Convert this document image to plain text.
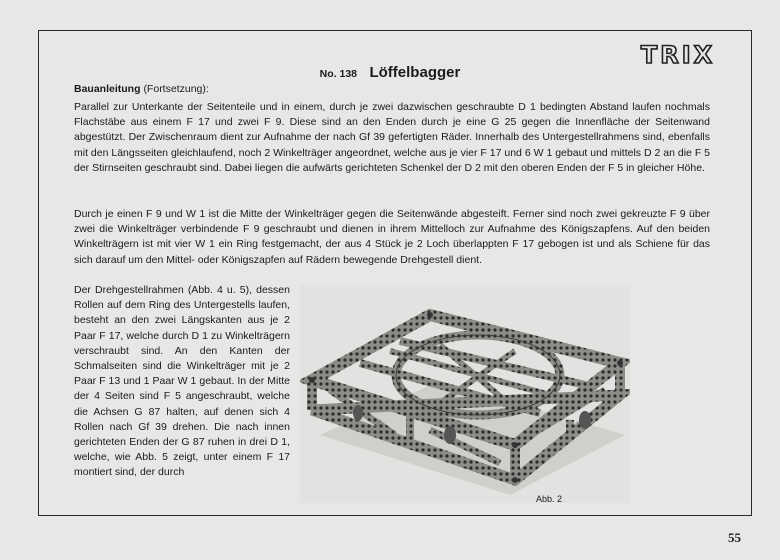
TRIX
No. 138 Löffelbagger
Bauanleitung (Fortsetzung):

Parallel zur Unterkante der Seitenteile und in einem, durch je zwei dazwischen geschraubte D 1 bedingten Abstand laufen nochmals Flachstäbe aus einem F 17 und zwei F 9. Diese sind an den Enden durch je eine G 25 gegen die Innenfläche der Seitenwand abgestützt. Der Zwischenraum dient zur Aufnahme der nach Gf 39 gefertigten Räder. Innerhalb des Untergestellrahmens sind, ebenfalls mit den Längsseiten gleichlaufend, noch 2 Winkelträger angeordnet, welche aus je vier F 17 und 6 W 1 gebaut und mittels D 2 an die F 5 der Stirnseiten geschraubt sind. Dabei liegen die aufwärts gerichteten Schenkel der D 2 mit den oberen Enden der F 5 in gleicher Höhe.

Durch je einen F 9 und W 1 ist die Mitte der Winkelträger gegen die Seitenwände abgesteift. Ferner sind noch zwei gekreuzte F 9 über zwei die Winkelträger verbindende F 9 geschraubt und dienen in ihrem Mittelloch zur Aufnahme des Königszapfens. Auf den beiden Winkelträgern ist mit vier W 1 ein Ring festgemacht, der aus 4 Stück je 2 Loch überlappten F 17 gebogen ist und als Schiene für das sich darauf um den Mittel- oder Königszapfen auf Rädern bewegende Drehgestell dient.

Der Drehgestellrahmen (Abb. 4 u. 5), dessen Rollen auf dem Ring des Untergestells laufen, besteht an den zwei Längskanten aus je 2 Paar F 17, welche durch D 1 zu Winkelträgern verschraubt sind. An den Kanten der Schmalseiten sind die Winkelträger mit je 2 Paar F 13 und 1 Paar W 1 gebaut. In der Mitte der 4 Seiten sind F 5 angeschraubt, welche die Achsen G 87 halten, auf denen sich 4 Rollen nach Gf 39 drehen. Die nach innen gerichteten Enden der G 87 ruhen in drei D 1, welche, wie Abb. 5 zeigt, unter einem F 17 montiert sind, der durch

Abb. 2
55
